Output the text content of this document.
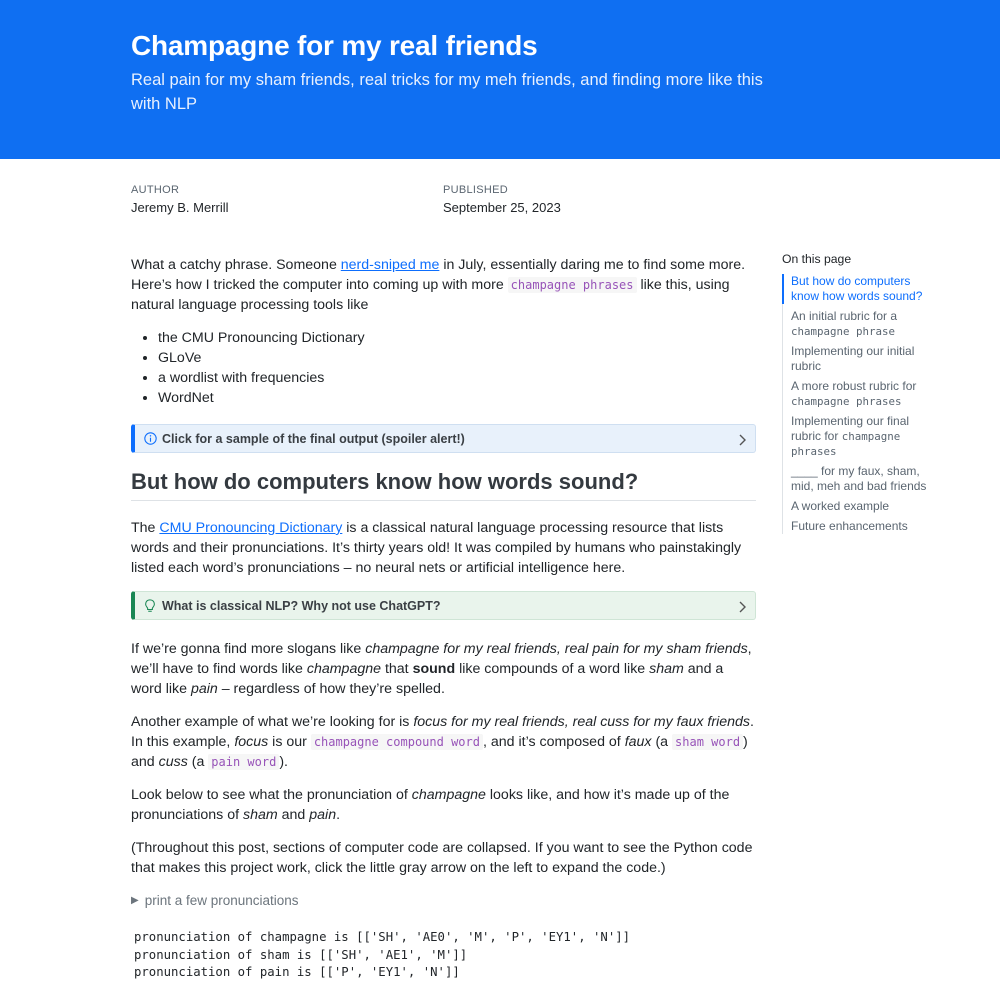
Champagne for my real friends
Real pain for my sham friends, real tricks for my meh friends, and finding more like this with NLP
AUTHOR
Jeremy B. Merrill
PUBLISHED
September 25, 2023

What a catchy phrase. Someone nerd-sniped me in July, essentially daring me to find some more. Here’s how I tricked the computer into coming up with more champagne phrases like this, using natural language processing tools like

• the CMU Pronouncing Dictionary
• GLoVe
• a wordlist with frequencies
• WordNet
Click for a sample of the final output (spoiler alert!)
But how do computers know how words sound?

The CMU Pronouncing Dictionary is a classical natural language processing resource that lists words and their pronunciations. It’s thirty years old! It was compiled by humans who painstakingly listed each word’s pronunciations – no neural nets or artificial intelligence here.

What is classical NLP? Why not use ChatGPT?

If we’re gonna find more slogans like champagne for my real friends, real pain for my sham friends, we’ll have to find words like champagne that sound like compounds of a word like sham and a word like pain – regardless of how they’re spelled.

Another example of what we’re looking for is focus for my real friends, real cuss for my faux friends. In this example, focus is our champagne compound word , and it’s composed of faux (a sham word ) and cuss (a pain word ).

Look below to see what the pronunciation of champagne looks like, and how it’s made up of the pronunciations of sham and pain.

(Throughout this post, sections of computer code are collapsed. If you want to see the Python code that makes this project work, click the little gray arrow on the left to expand the code.)

▶ print a few pronunciations
pronunciation of champagne is [['SH', 'AE0', 'M', 'P', 'EY1', 'N']]
pronunciation of sham is [['SH', 'AE1', 'M']]
pronunciation of pain is [['P', 'EY1', 'N']]
On this page
But how do computers know how words sound?
An initial rubric for a champagne phrase
Implementing our initial rubric
A more robust rubric for champagne phrases
Implementing our final rubric for champagne phrases
____ for my faux, sham, mid, meh and bad friends
A worked example
Future enhancements
